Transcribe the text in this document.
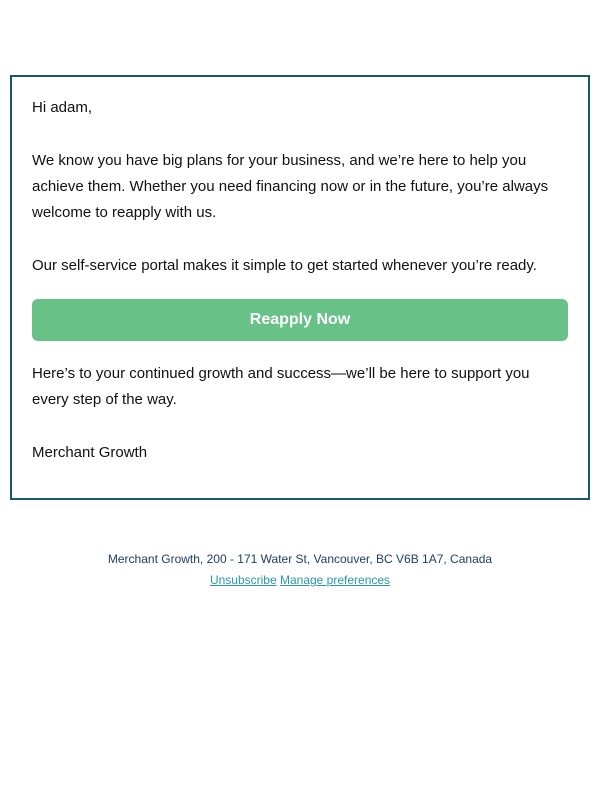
Hi adam,

We know you have big plans for your business, and we’re here to help you achieve them. Whether you need financing now or in the future, you’re always welcome to reapply with us.

Our self-service portal makes it simple to get started whenever you’re ready.

Reapply Now

Here’s to your continued growth and success—we’ll be here to support you every step of the way.

Merchant Growth

Merchant Growth, 200 - 171 Water St, Vancouver, BC V6B 1A7, Canada
Unsubscribe Manage preferences
